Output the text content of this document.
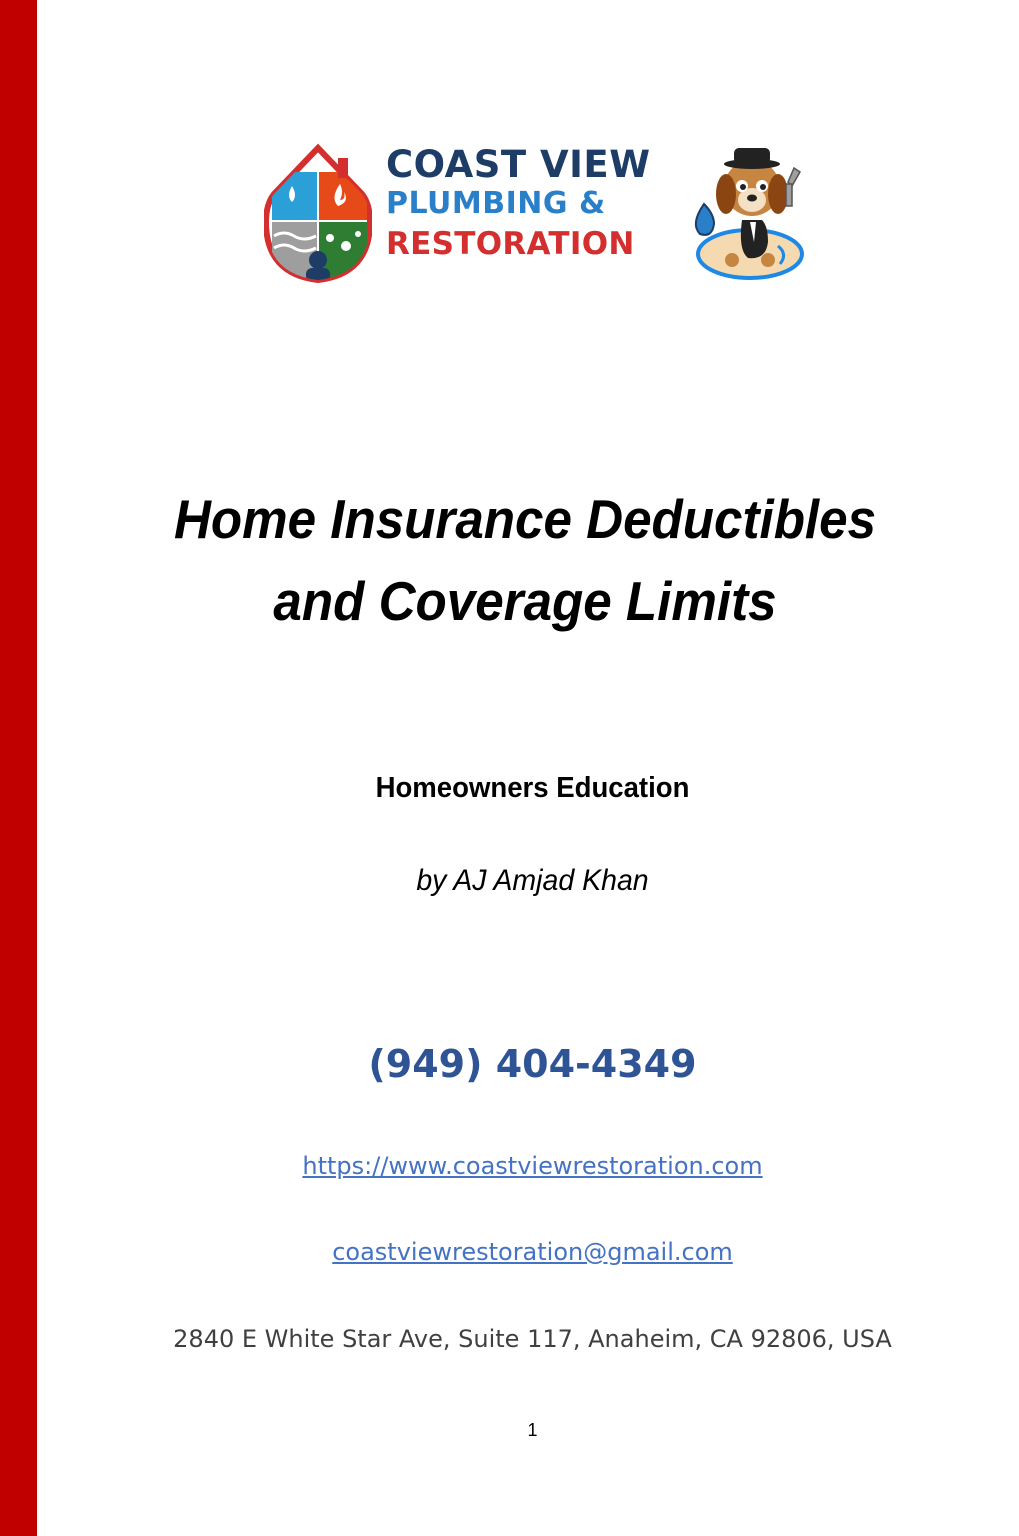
COAST VIEW
PLUMBING &
RESTORATION
Home Insurance Deductibles
and Coverage Limits
Homeowners Education
by AJ Amjad Khan
(949) 404-4349
https://www.coastviewrestoration.com
coastviewrestoration@gmail.com
2840 E White Star Ave, Suite 117, Anaheim, CA 92806, USA
1
